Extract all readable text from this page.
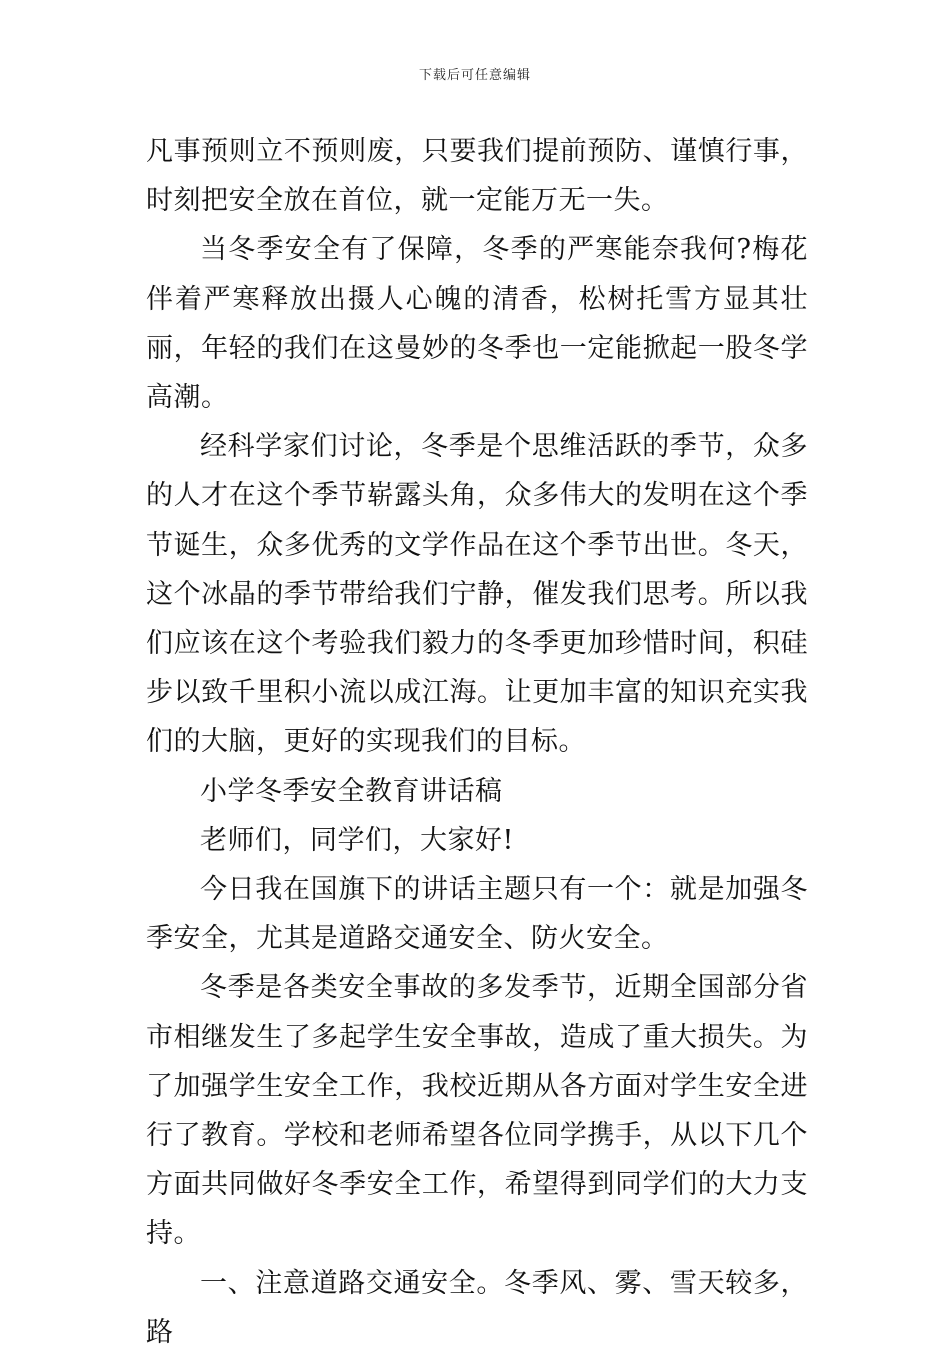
下载后可任意编辑

凡事预则立不预则废，只要我们提前预防、谨慎行事，时刻把安全放在首位，就一定能万无一失。

当冬季安全有了保障，冬季的严寒能奈我何?梅花伴着严寒释放出摄人心魄的清香，松树托雪方显其壮丽，年轻的我们在这曼妙的冬季也一定能掀起一股冬学高潮。

经科学家们讨论，冬季是个思维活跃的季节，众多的人才在这个季节崭露头角，众多伟大的发明在这个季节诞生，众多优秀的文学作品在这个季节出世。冬天，这个冰晶的季节带给我们宁静，催发我们思考。所以我们应该在这个考验我们毅力的冬季更加珍惜时间，积硅步以致千里积小流以成江海。让更加丰富的知识充实我们的大脑，更好的实现我们的目标。

小学冬季安全教育讲话稿

老师们，同学们，大家好!

今日我在国旗下的讲话主题只有一个：就是加强冬季安全，尤其是道路交通安全、防火安全。

冬季是各类安全事故的多发季节，近期全国部分省市相继发生了多起学生安全事故，造成了重大损失。为了加强学生安全工作，我校近期从各方面对学生安全进行了教育。学校和老师希望各位同学携手，从以下几个方面共同做好冬季安全工作，希望得到同学们的大力支持。

一、注意道路交通安全。冬季风、雾、雪天较多，路
